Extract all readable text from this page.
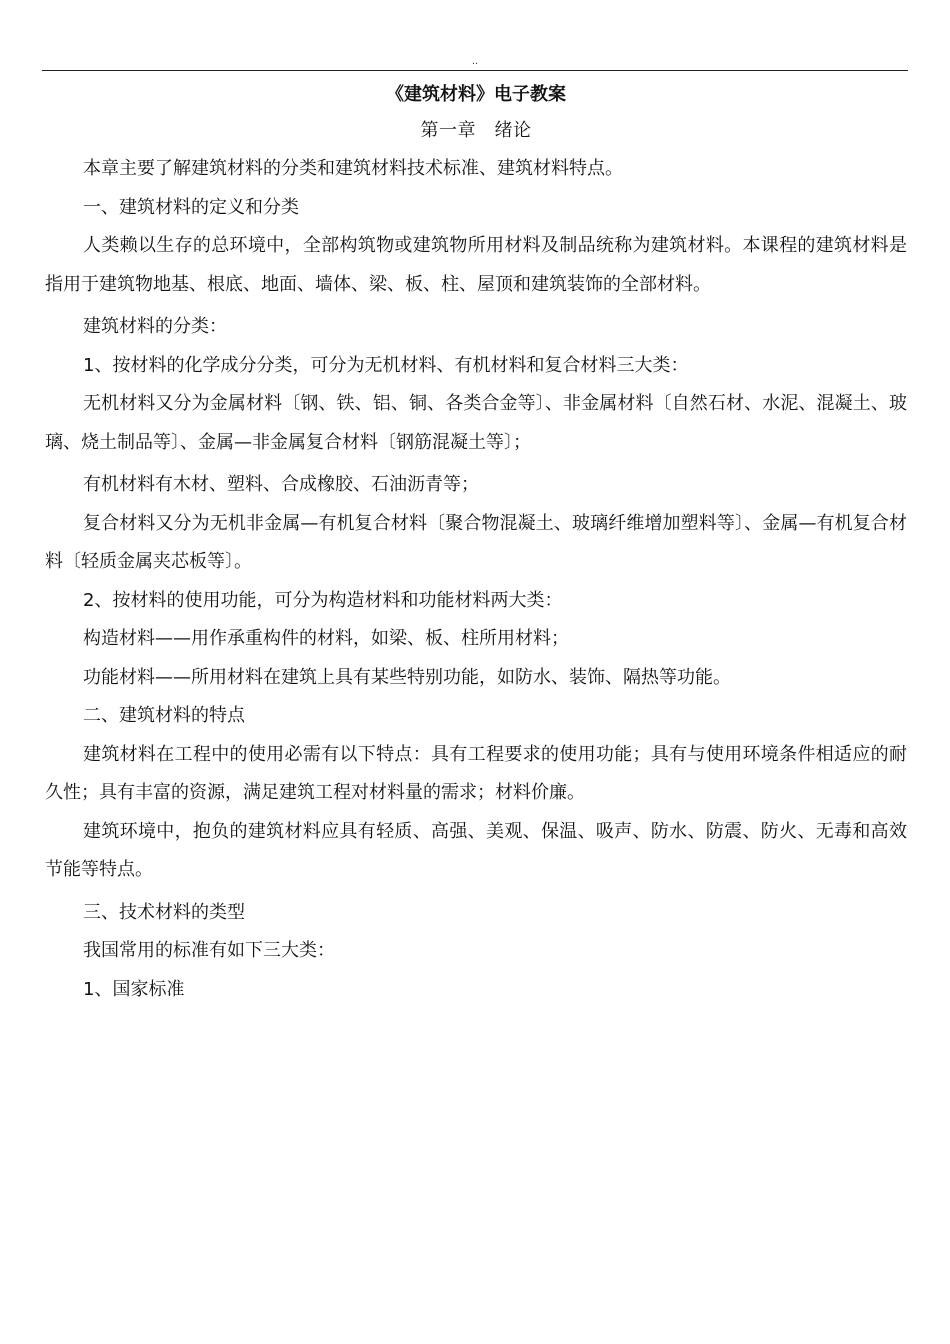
..
《建筑材料》电子教案
第一章　绪论

本章主要了解建筑材料的分类和建筑材料技术标准、建筑材料特点。

一、建筑材料的定义和分类

人类赖以生存的总环境中，全部构筑物或建筑物所用材料及制品统称为建筑材料。本课程的建筑材料是指用于建筑物地基、根底、地面、墙体、梁、板、柱、屋顶和建筑装饰的全部材料。

建筑材料的分类：

1、按材料的化学成分分类，可分为无机材料、有机材料和复合材料三大类：

无机材料又分为金属材料〔钢、铁、铝、铜、各类合金等〕、非金属材料〔自然石材、水泥、混凝土、玻璃、烧土制品等〕、金属—非金属复合材料〔钢筋混凝土等〕；

有机材料有木材、塑料、合成橡胶、石油沥青等；

复合材料又分为无机非金属—有机复合材料〔聚合物混凝土、玻璃纤维增加塑料等〕、金属—有机复合材料〔轻质金属夹芯板等〕。

2、按材料的使用功能，可分为构造材料和功能材料两大类：

构造材料——用作承重构件的材料，如梁、板、柱所用材料；

功能材料——所用材料在建筑上具有某些特别功能，如防水、装饰、隔热等功能。

二、建筑材料的特点

建筑材料在工程中的使用必需有以下特点：具有工程要求的使用功能；具有与使用环境条件相适应的耐久性；具有丰富的资源，满足建筑工程对材料量的需求；材料价廉。

建筑环境中，抱负的建筑材料应具有轻质、高强、美观、保温、吸声、防水、防震、防火、无毒和高效节能等特点。

三、技术材料的类型

我国常用的标准有如下三大类：

1、国家标准
